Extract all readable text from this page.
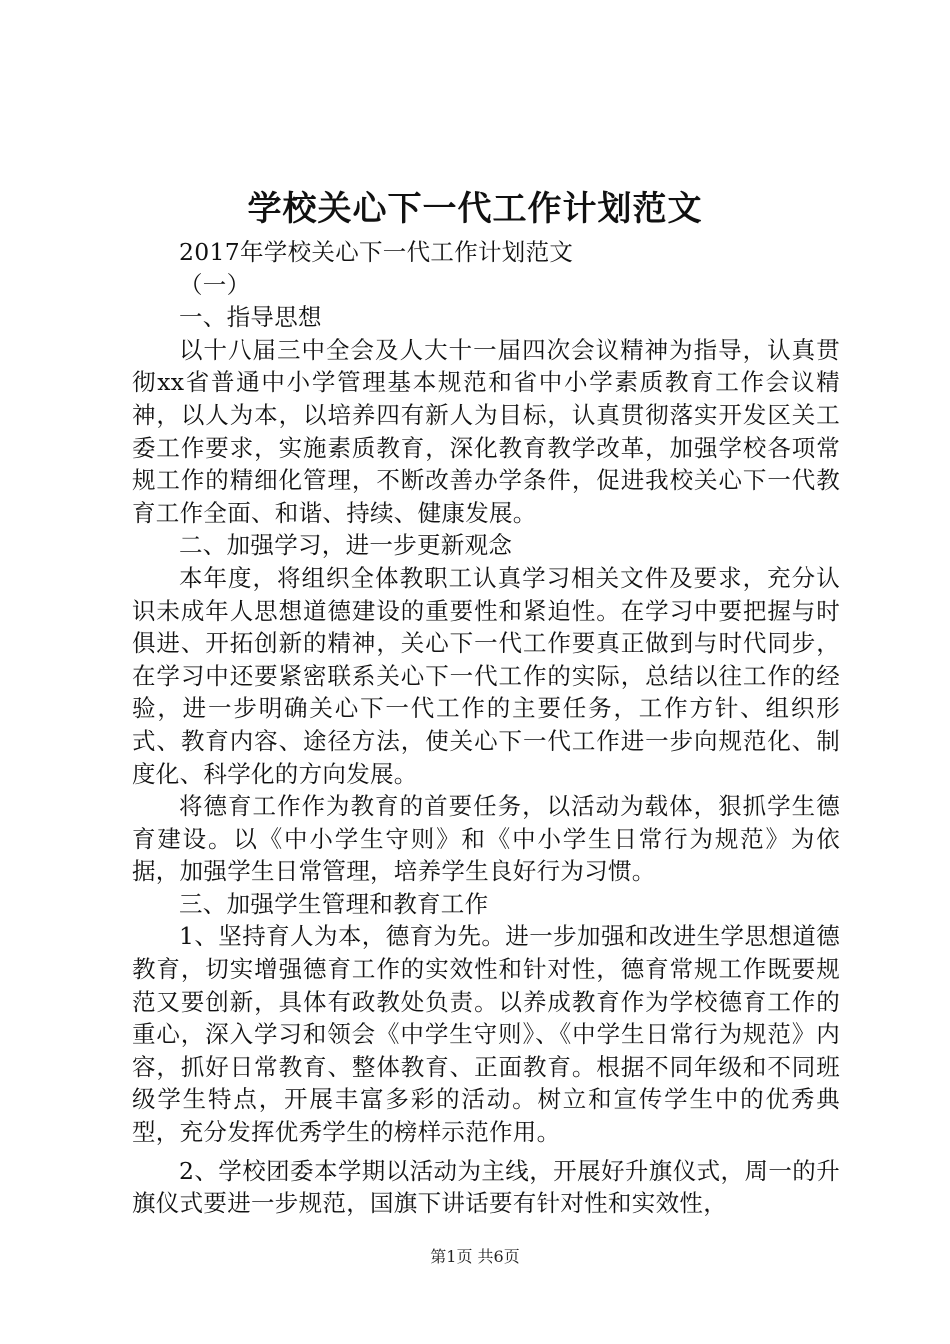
学校关心下一代工作计划范文

2017年学校关心下一代工作计划范文

（一）

一、指导思想

以十八届三中全会及人大十一届四次会议精神为指导，认真贯彻xx省普通中小学管理基本规范和省中小学素质教育工作会议精神，以人为本，以培养四有新人为目标，认真贯彻落实开发区关工委工作要求，实施素质教育，深化教育教学改革，加强学校各项常规工作的精细化管理，不断改善办学条件，促进我校关心下一代教育工作全面、和谐、持续、健康发展。

二、加强学习，进一步更新观念

本年度，将组织全体教职工认真学习相关文件及要求，充分认识未成年人思想道德建设的重要性和紧迫性。在学习中要把握与时俱进、开拓创新的精神，关心下一代工作要真正做到与时代同步，在学习中还要紧密联系关心下一代工作的实际，总结以往工作的经验，进一步明确关心下一代工作的主要任务，工作方针、组织形式、教育内容、途径方法，使关心下一代工作进一步向规范化、制度化、科学化的方向发展。

将德育工作作为教育的首要任务，以活动为载体，狠抓学生德育建设。以《中小学生守则》和《中小学生日常行为规范》为依据，加强学生日常管理，培养学生良好行为习惯。

三、加强学生管理和教育工作

1、坚持育人为本，德育为先。进一步加强和改进生学思想道德教育，切实增强德育工作的实效性和针对性，德育常规工作既要规范又要创新，具体有政教处负责。以养成教育作为学校德育工作的重心，深入学习和领会《中学生守则》、《中学生日常行为规范》内容，抓好日常教育、整体教育、正面教育。根据不同年级和不同班级学生特点，开展丰富多彩的活动。树立和宣传学生中的优秀典型，充分发挥优秀学生的榜样示范作用。

2、学校团委本学期以活动为主线，开展好升旗仪式，周一的升旗仪式要进一步规范，国旗下讲话要有针对性和实效性，

第1页 共6页
